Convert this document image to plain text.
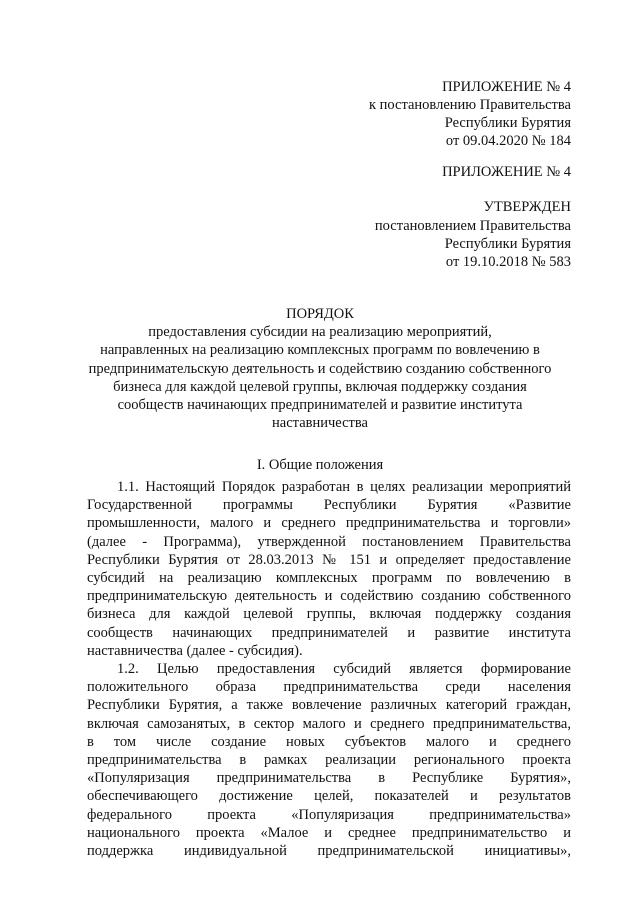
ПРИЛОЖЕНИЕ № 4
к постановлению Правительства
Республики Бурятия
от 09.04.2020 № 184
ПРИЛОЖЕНИЕ № 4
УТВЕРЖДЕН
постановлением Правительства
Республики Бурятия
от 19.10.2018 № 583
ПОРЯДОК
предоставления субсидии на реализацию мероприятий,
направленных на реализацию комплексных программ по вовлечению в
предпринимательскую деятельность и содействию созданию собственного
бизнеса для каждой целевой группы, включая поддержку создания
сообществ начинающих предпринимателей и развитие института
наставничества
I. Общие положения
1.1. Настоящий Порядок разработан в целях реализации мероприятий
Государственной программы Республики Бурятия «Развитие
промышленности, малого и среднего предпринимательства и торговли»
(далее - Программа), утвержденной постановлением Правительства
Республики Бурятия от 28.03.2013 № 151 и определяет предоставление
субсидий на реализацию комплексных программ по вовлечению в
предпринимательскую деятельность и содействию созданию собственного
бизнеса для каждой целевой группы, включая поддержку создания
сообществ начинающих предпринимателей и развитие института
наставничества (далее - субсидия).
1.2. Целью предоставления субсидий является формирование
положительного образа предпринимательства среди населения
Республики Бурятия, а также вовлечение различных категорий граждан,
включая самозанятых, в сектор малого и среднего предпринимательства,
в том числе создание новых субъектов малого и среднего
предпринимательства в рамках реализации регионального проекта
«Популяризация предпринимательства в Республике Бурятия»,
обеспечивающего достижение целей, показателей и результатов
федерального проекта «Популяризация предпринимательства»
национального проекта «Малое и среднее предпринимательство и
поддержка индивидуальной предпринимательской инициативы»,
